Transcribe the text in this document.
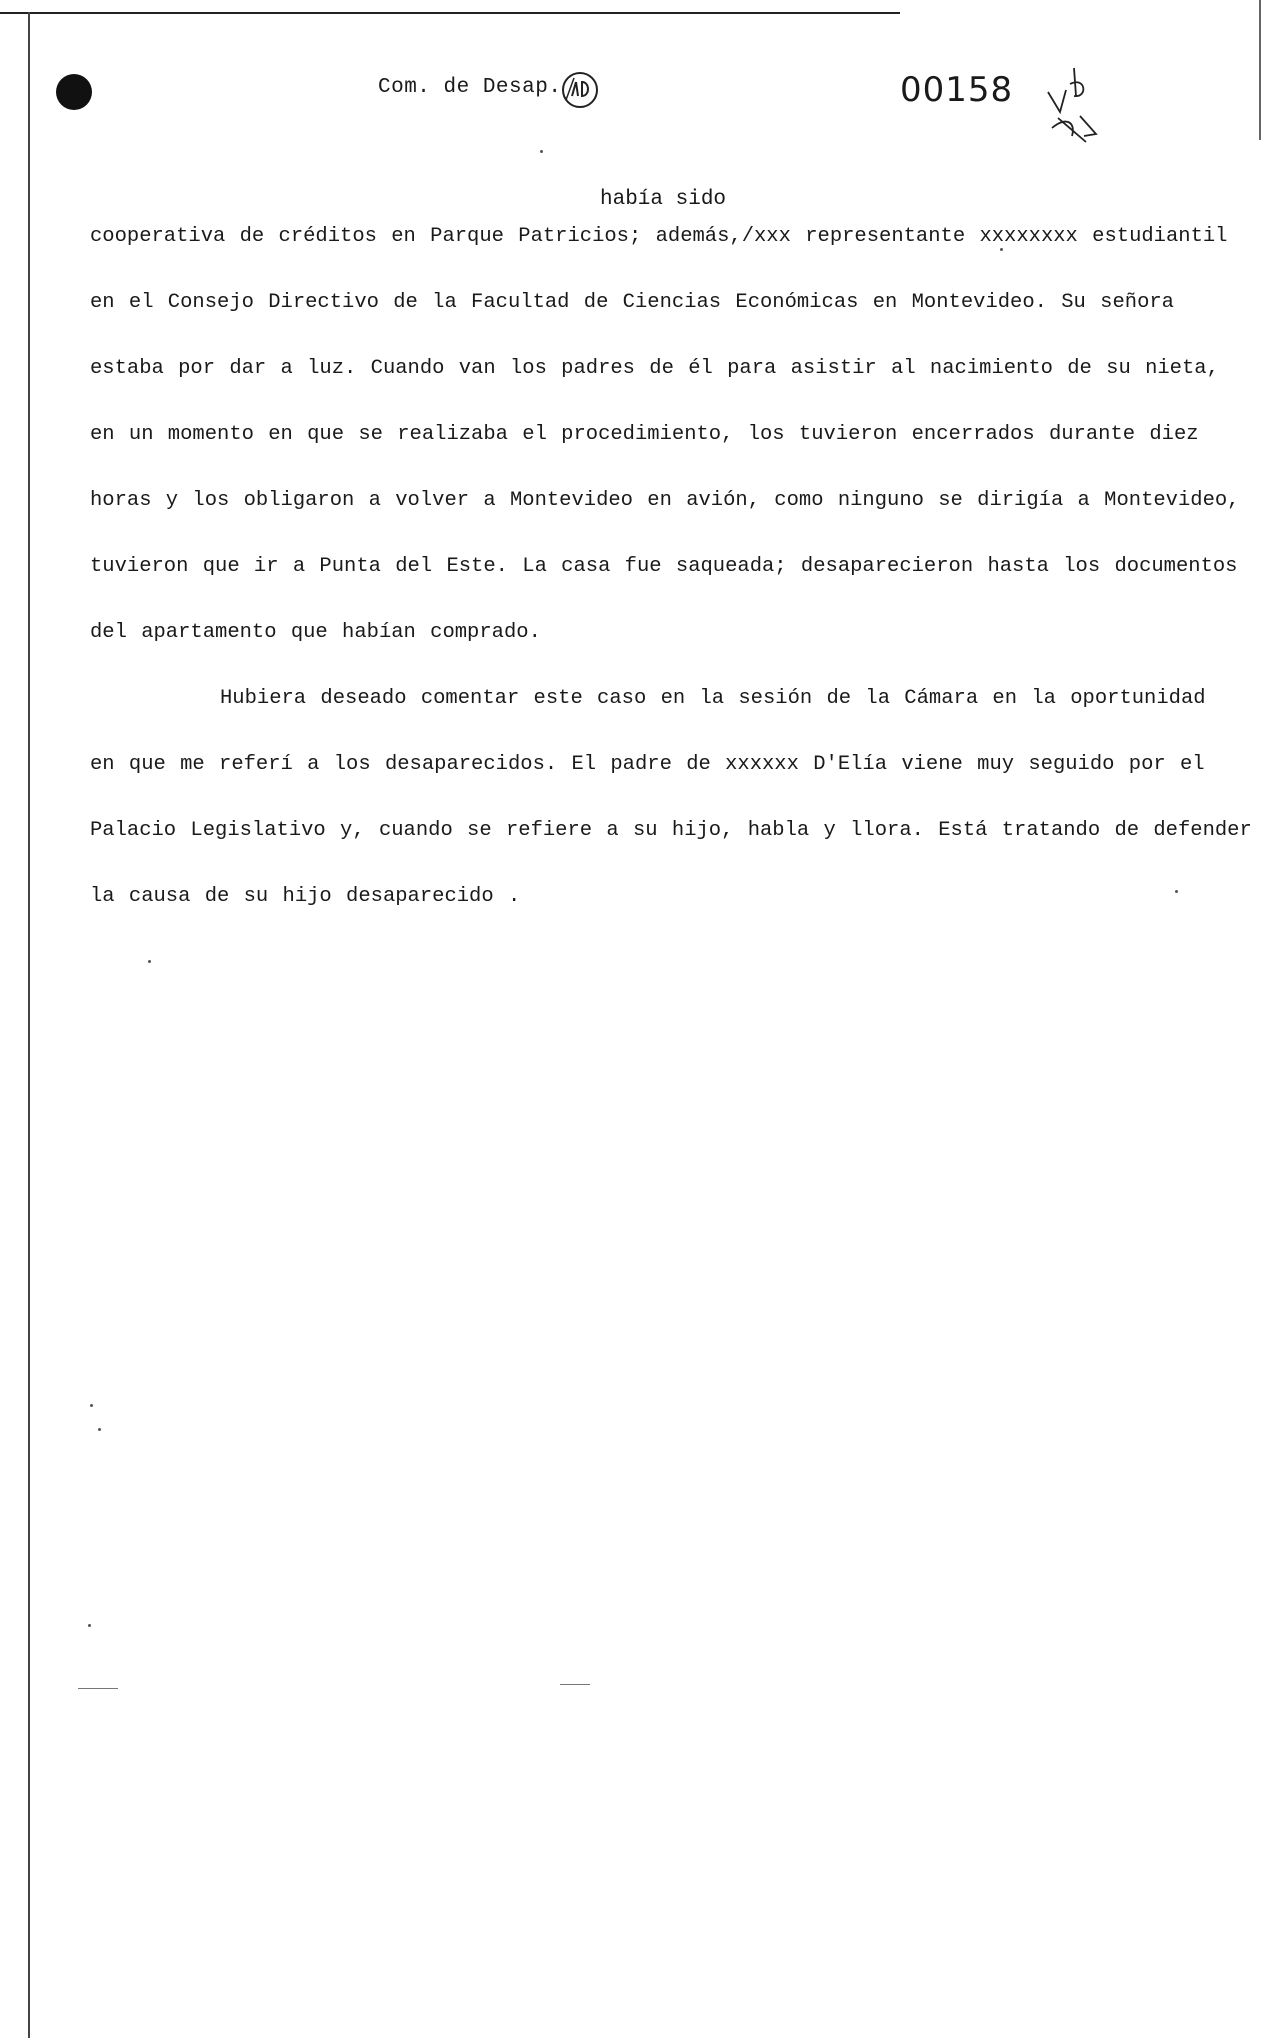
Com. de Desap.	00158
había sido
cooperativa de créditos en Parque Patricios; además,/xxx representante xxxxxxxx estudiantil
en el Consejo Directivo de la Facultad de Ciencias Económicas en Montevideo. Su señora
estaba por dar a luz. Cuando van los padres de él para asistir al nacimiento de su nieta,
en un momento en que se realizaba el procedimiento, los tuvieron encerrados durante diez
horas y los obligaron a volver a Montevideo en avión, como ninguno se dirigía a Montevideo,
tuvieron que ir a Punta del Este. La casa fue saqueada; desaparecieron hasta los documentos
del apartamento que habían comprado.
Hubiera deseado comentar este caso en la sesión de la Cámara en la oportunidad
en que me referí a los desaparecidos. El padre de xxxxxx D'Elía viene muy seguido por el
Palacio Legislativo y, cuando se refiere a su hijo, habla y llora. Está tratando de defender
la causa de su hijo desaparecido .
